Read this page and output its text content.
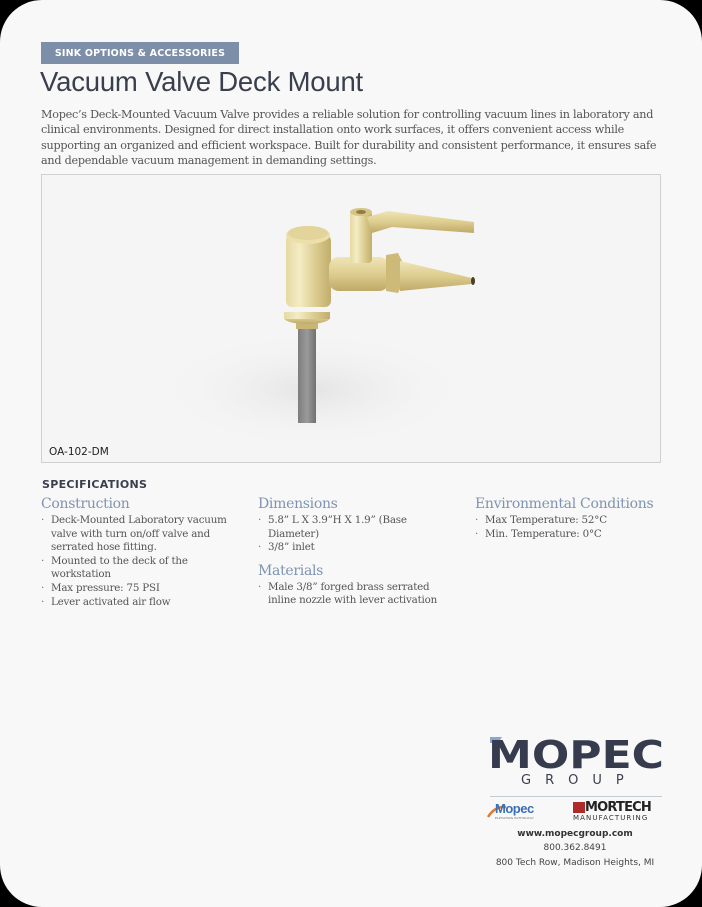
SINK OPTIONS & ACCESSORIES
Vacuum Valve Deck Mount

Mopec’s Deck-Mounted Vacuum Valve provides a reliable solution for controlling vacuum lines in laboratory and clinical environments. Designed for direct installation onto work surfaces, it offers convenient access while supporting an organized and efficient workspace. Built for durability and consistent performance, it ensures safe and dependable vacuum management in demanding settings.

OA-102-DM
SPECIFICATIONS
Construction
· Deck-Mounted Laboratory vacuum valve with turn on/off valve and serrated hose fitting.
· Mounted to the deck of the workstation
· Max pressure: 75 PSI
· Lever activated air flow
Dimensions
· 5.8” L X 3.9”H X 1.9” (Base Diameter)
· 3/8” inlet
Materials
· Male 3/8” forged brass serrated inline nozzle with lever activation
Environmental Conditions
· Max Temperature: 52°C
· Min. Temperature: 0°C
MOPEC
GROUP
Mopec
ELEVATING PATHOLOGY
MORTECH
MANUFACTURING
www.mopecgroup.com
800.362.8491
800 Tech Row, Madison Heights, MI
